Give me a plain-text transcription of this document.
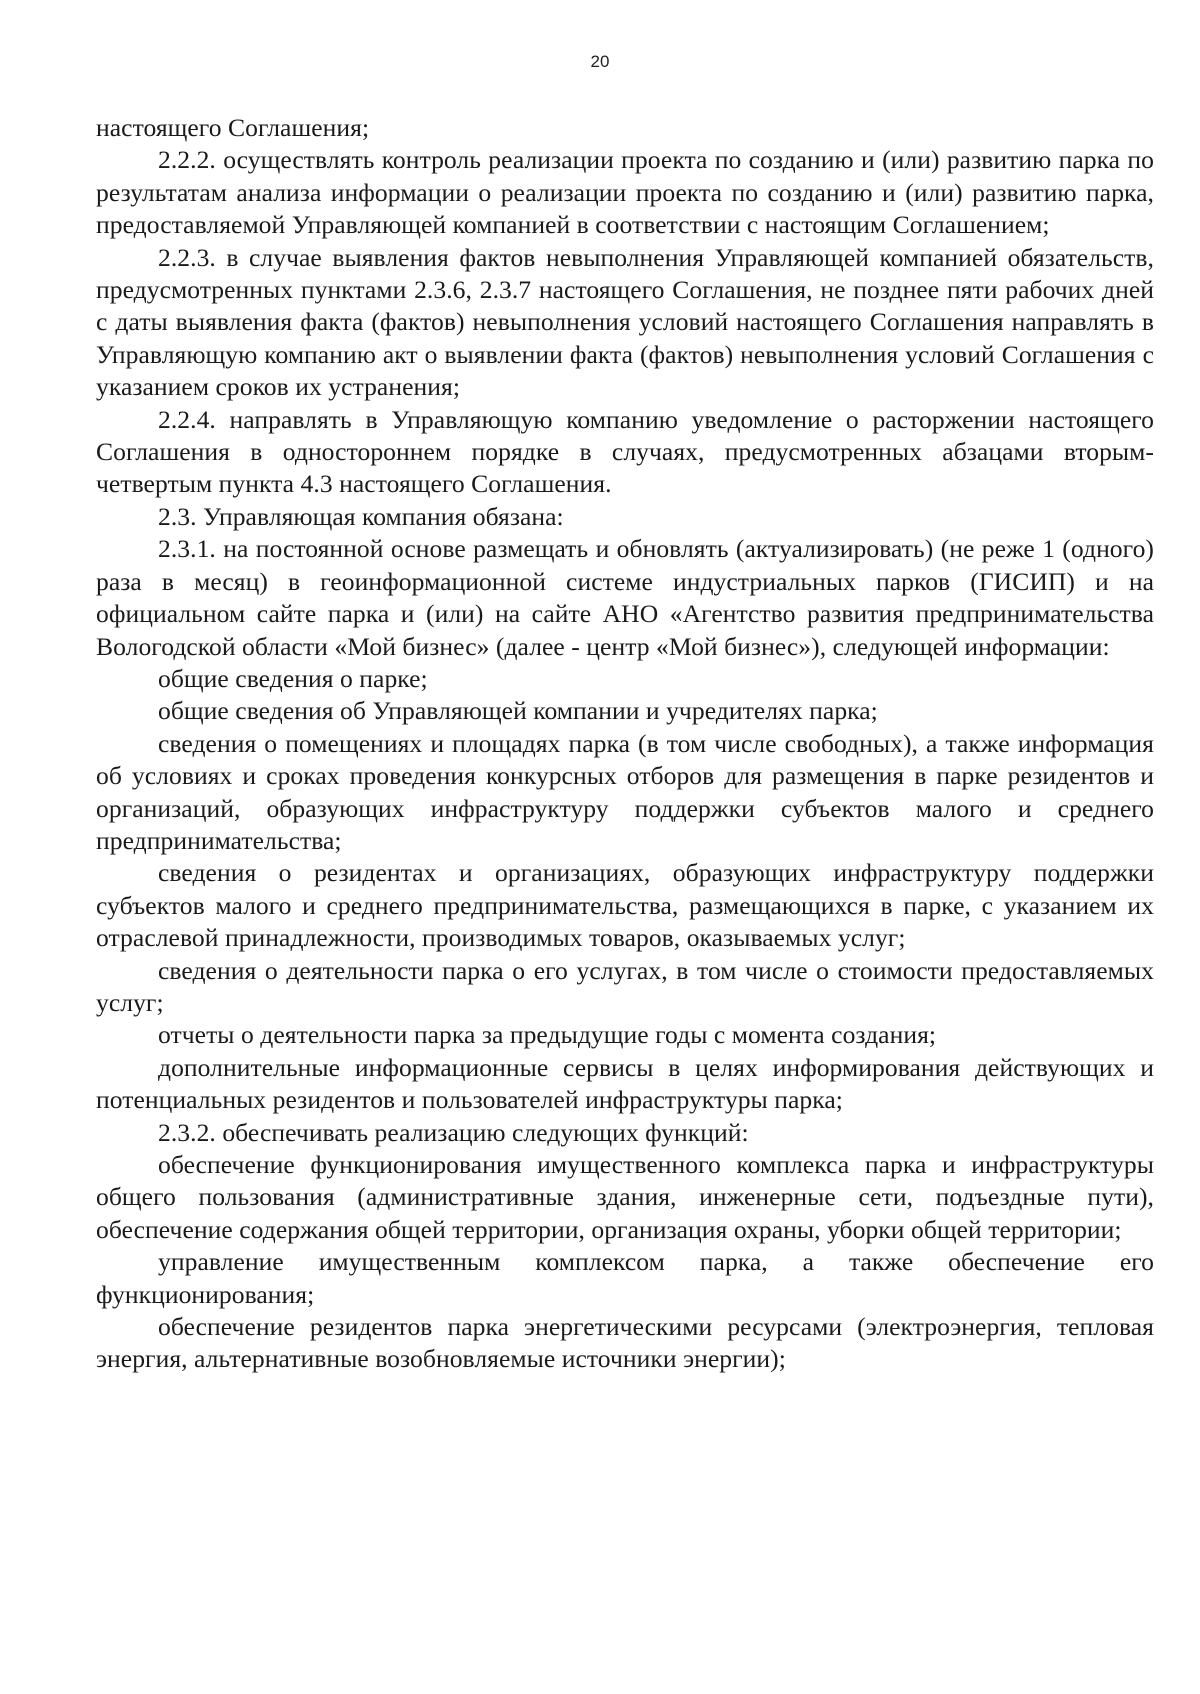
20

настоящего Соглашения;

2.2.2. осуществлять контроль реализации проекта по созданию и (или) развитию парка по результатам анализа информации о реализации проекта по созданию и (или) развитию парка, предоставляемой Управляющей компанией в соответствии с настоящим Соглашением;

2.2.3. в случае выявления фактов невыполнения Управляющей компанией обязательств, предусмотренных пунктами 2.3.6, 2.3.7 настоящего Соглашения, не позднее пяти рабочих дней с даты выявления факта (фактов) невыполнения условий настоящего Соглашения направлять в Управляющую компанию акт о выявлении факта (фактов) невыполнения условий Соглашения с указанием сроков их устранения;

2.2.4. направлять в Управляющую компанию уведомление о расторжении настоящего Соглашения в одностороннем порядке в случаях, предусмотренных абзацами вторым-четвертым пункта 4.3 настоящего Соглашения.

2.3. Управляющая компания обязана:

2.3.1. на постоянной основе размещать и обновлять (актуализировать) (не реже 1 (одного) раза в месяц) в геоинформационной системе индустриальных парков (ГИСИП) и на официальном сайте парка и (или) на сайте АНО «Агентство развития предпринимательства Вологодской области «Мой бизнес» (далее - центр «Мой бизнес»), следующей информации:

общие сведения о парке;

общие сведения об Управляющей компании и учредителях парка;

сведения о помещениях и площадях парка (в том числе свободных), а также информация об условиях и сроках проведения конкурсных отборов для размещения в парке резидентов и организаций, образующих инфраструктуру поддержки субъектов малого и среднего предпринимательства;

сведения о резидентах и организациях, образующих инфраструктуру поддержки субъектов малого и среднего предпринимательства, размещающихся в парке, с указанием их отраслевой принадлежности, производимых товаров, оказываемых услуг;

сведения о деятельности парка о его услугах, в том числе о стоимости предоставляемых услуг;

отчеты о деятельности парка за предыдущие годы с момента создания;

дополнительные информационные сервисы в целях информирования действующих и потенциальных резидентов и пользователей инфраструктуры парка;

2.3.2. обеспечивать реализацию следующих функций:

обеспечение функционирования имущественного комплекса парка и инфраструктуры общего пользования (административные здания, инженерные сети, подъездные пути), обеспечение содержания общей территории, организация охраны, уборки общей территории;

управление имущественным комплексом парка, а также обеспечение его функционирования;

обеспечение резидентов парка энергетическими ресурсами (электроэнергия, тепловая энергия, альтернативные возобновляемые источники энергии);
